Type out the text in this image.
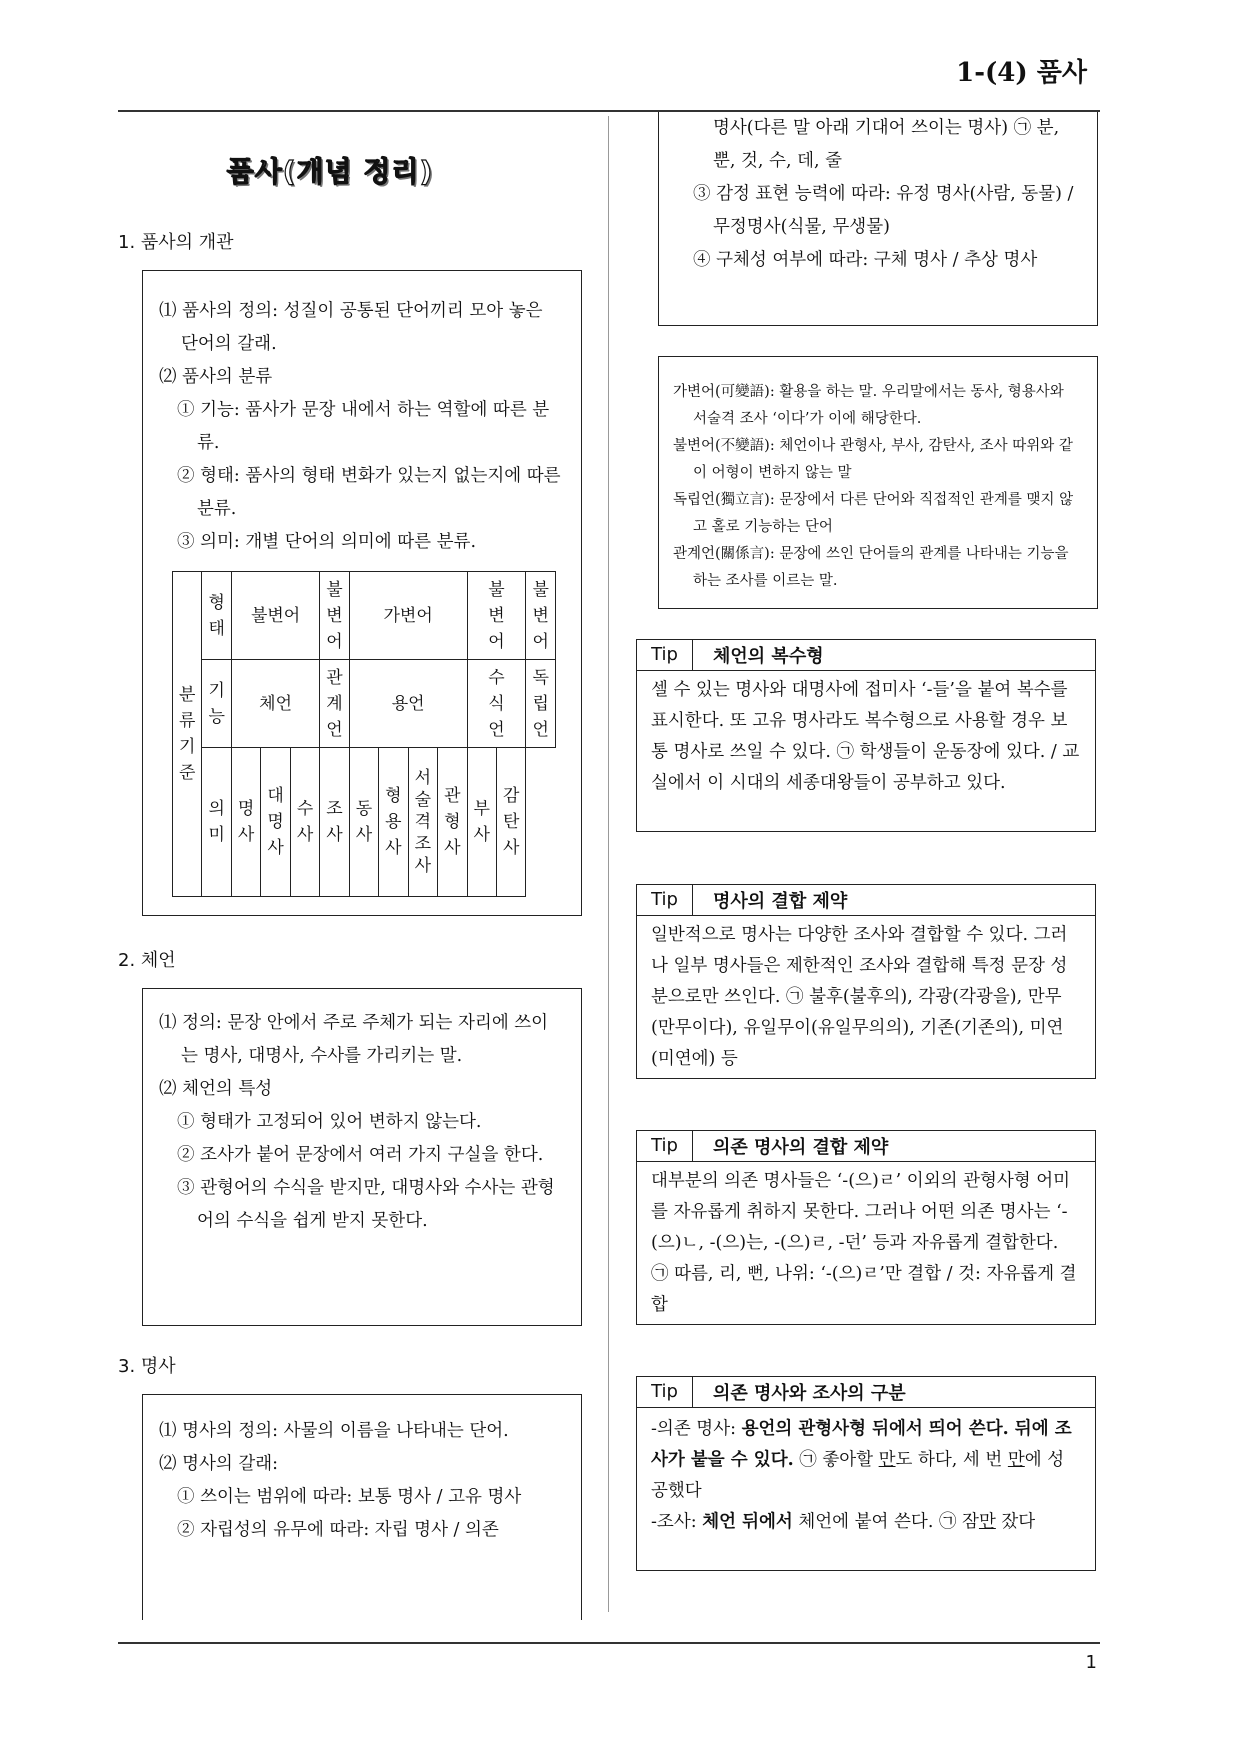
1-(4) 품사
품사(개념 정리)
1. 품사의 개관

⑴ 품사의 정의: 성질이 공통된 단어끼리 모아 놓은 단어의 갈래.

⑵ 품사의 분류

① 기능: 품사가 문장 내에서 하는 역할에 따른 분류.

② 형태: 품사의 형태 변화가 있는지 없는지에 따른 분류.

③ 의미: 개별 단어의 의미에 따른 분류.

분류 기준	형태	불변어			불변어	가변어				불변어		불변어
	기능	체언			관계언	용언				수식언		독립언
	의미	명사	대명사	수사	조사	동사	형용사	서술격조사	관형사	부사	감탄사	
2. 체언

⑴ 정의: 문장 안에서 주로 주체가 되는 자리에 쓰이는 명사, 대명사, 수사를 가리키는 말.

⑵ 체언의 특성

① 형태가 고정되어 있어 변하지 않는다.

② 조사가 붙어 문장에서 여러 가지 구실을 한다.

③ 관형어의 수식을 받지만, 대명사와 수사는 관형어의 수식을 쉽게 받지 못한다.

3. 명사

⑴ 명사의 정의: 사물의 이름을 나타내는 단어.

⑵ 명사의 갈래:

① 쓰이는 범위에 따라: 보통 명사 / 고유 명사

② 자립성의 유무에 따라: 자립 명사 / 의존

명사(다른 말 아래 기대어 쓰이는 명사) ㉠ 분, 뿐, 것, 수, 데, 줄

③ 감정 표현 능력에 따라: 유정 명사(사람, 동물) / 무정명사(식물, 무생물)

④ 구체성 여부에 따라: 구체 명사 / 추상 명사

가변어(可變語): 활용을 하는 말. 우리말에서는 동사, 형용사와 서술격 조사 ‘이다’가 이에 해당한다.

불변어(不變語): 체언이나 관형사, 부사, 감탄사, 조사 따위와 같이 어형이 변하지 않는 말

독립언(獨立言): 문장에서 다른 단어와 직접적인 관계를 맺지 않고 홀로 기능하는 단어

관계언(關係言): 문장에 쓰인 단어들의 관계를 나타내는 기능을 하는 조사를 이르는 말.

Tip	체언의 복수형
셀 수 있는 명사와 대명사에 접미사 ‘-들’을 붙여 복수를 표시한다. 또 고유 명사라도 복수형으로 사용할 경우 보통 명사로 쓰일 수 있다. ㉠ 학생들이 운동장에 있다. / 교실에서 이 시대의 세종대왕들이 공부하고 있다.
Tip	명사의 결합 제약
일반적으로 명사는 다양한 조사와 결합할 수 있다. 그러나 일부 명사들은 제한적인 조사와 결합해 특정 문장 성분으로만 쓰인다. ㉠ 불후(불후의), 각광(각광을), 만무(만무이다), 유일무이(유일무의의), 기존(기존의), 미연(미연에) 등
Tip	의존 명사의 결합 제약
대부분의 의존 명사들은 ‘-(으)ㄹ’ 이외의 관형사형 어미를 자유롭게 취하지 못한다. 그러나 어떤 의존 명사는 ‘-(으)ㄴ, -(으)는, -(으)ㄹ, -던’ 등과 자유롭게 결합한다. ㉠ 따름, 리, 뻔, 나위: ‘-(으)ㄹ’만 결합 / 것: 자유롭게 결합
Tip	의존 명사와 조사의 구분
-의존 명사: 용언의 관형사형 뒤에서 띄어 쓴다. 뒤에 조사가 붙을 수 있다. ㉠ 좋아할 만도 하다, 세 번 만에 성공했다
-조사: 체언 뒤에서 체언에 붙여 쓴다. ㉠ 잠만 잤다
1
